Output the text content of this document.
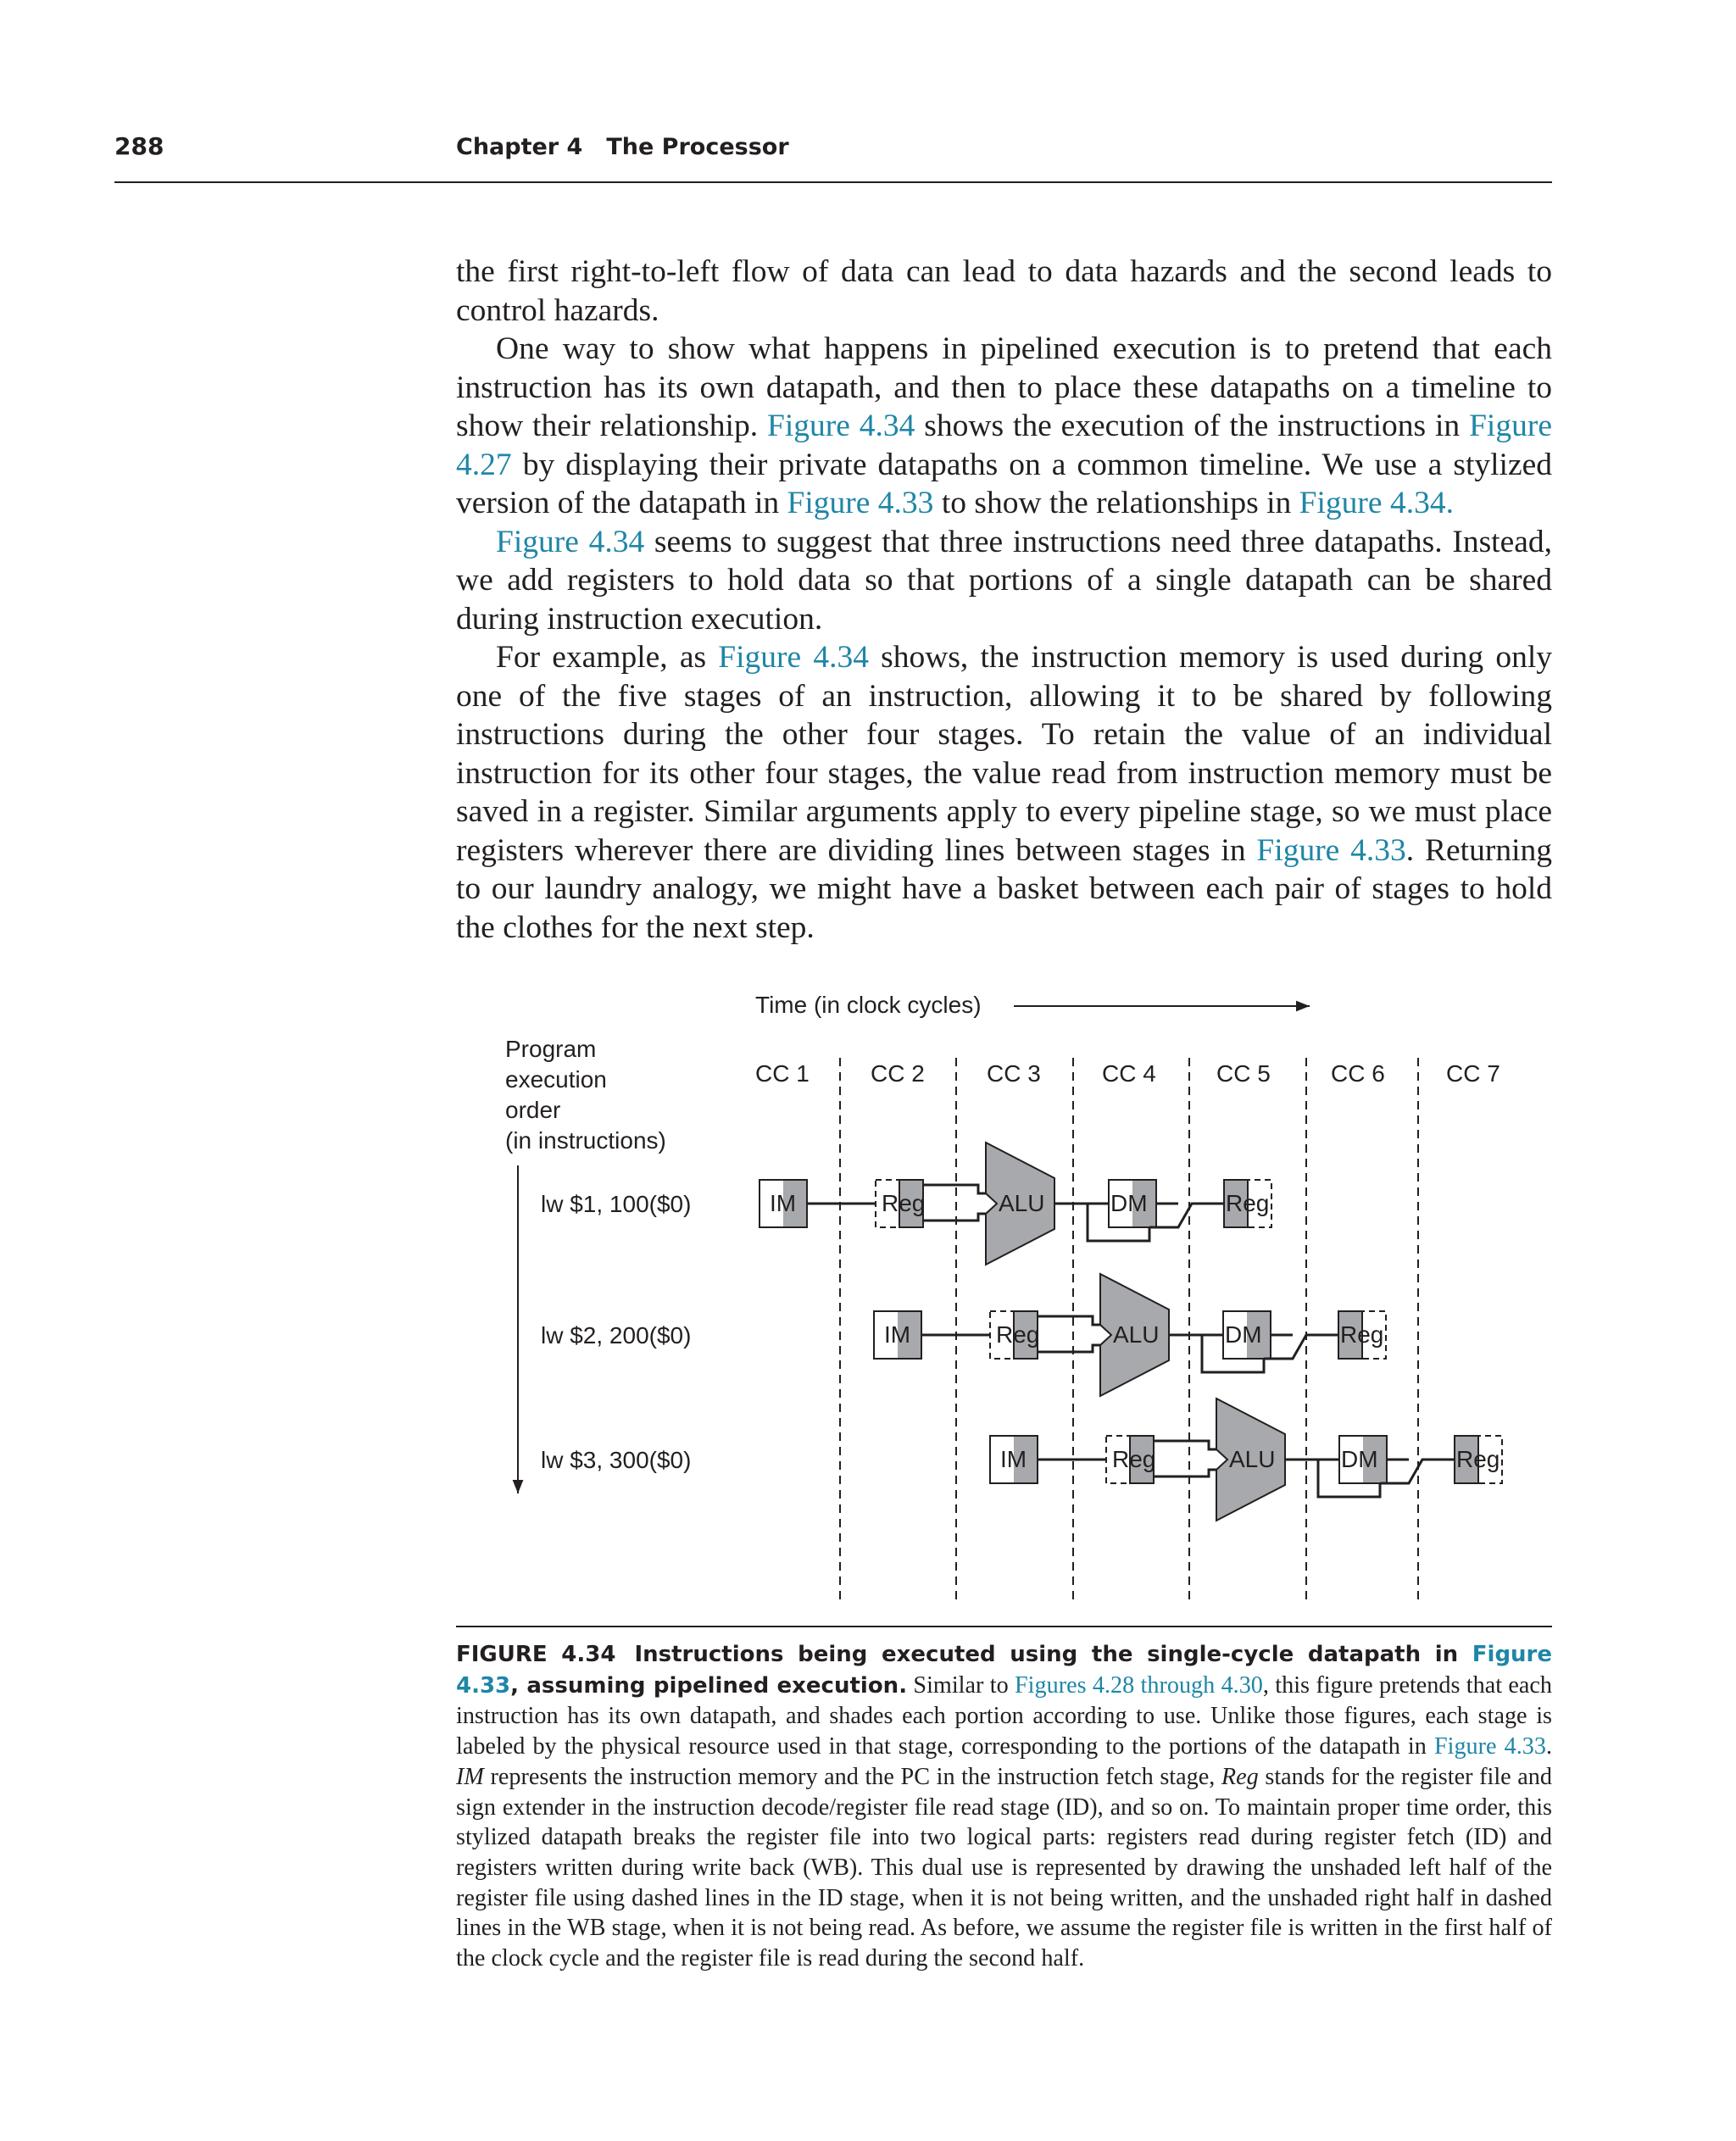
288	Chapter 4 The Processor

the first right-to-left flow of data can lead to data hazards and the second leads to control hazards.

One way to show what happens in pipelined execution is to pretend that each instruction has its own datapath, and then to place these datapaths on a timeline to show their relationship. Figure 4.34 shows the execution of the instructions in Figure 4.27 by displaying their private datapaths on a common timeline. We use a stylized version of the datapath in Figure 4.33 to show the relationships in Figure 4.34.

Figure 4.34 seems to suggest that three instructions need three datapaths. Instead, we add registers to hold data so that portions of a single datapath can be shared during instruction execution.

For example, as Figure 4.34 shows, the instruction memory is used during only one of the five stages of an instruction, allowing it to be shared by following instructions during the other four stages. To retain the value of an individual instruction for its other four stages, the value read from instruction memory must be saved in a register. Similar arguments apply to every pipeline stage, so we must place registers wherever there are dividing lines between stages in Figure 4.33. Returning to our laundry analogy, we might have a basket between each pair of stages to hold the clothes for the next step.

Time (in clock cycles)
Program execution order (in instructions)
CC 1	CC 2	CC 3	CC 4	CC 5	CC 6	CC 7
lw $1, 100($0)
lw $2, 200($0)
lw $3, 300($0)
IM	Reg	ALU	DM	Reg
IM	Reg	ALU	DM	Reg
IM	Reg	ALU	DM	Reg
FIGURE 4.34 Instructions being executed using the single-cycle datapath in Figure 4.33, assuming pipelined execution. Similar to Figures 4.28 through 4.30, this figure pretends that each instruction has its own datapath, and shades each portion according to use. Unlike those figures, each stage is labeled by the physical resource used in that stage, corresponding to the portions of the datapath in Figure 4.33. IM represents the instruction memory and the PC in the instruction fetch stage, Reg stands for the register file and sign extender in the instruction decode/register file read stage (ID), and so on. To maintain proper time order, this stylized datapath breaks the register file into two logical parts: registers read during register fetch (ID) and registers written during write back (WB). This dual use is represented by drawing the unshaded left half of the register file using dashed lines in the ID stage, when it is not being written, and the unshaded right half in dashed lines in the WB stage, when it is not being read. As before, we assume the register file is written in the first half of the clock cycle and the register file is read during the second half.
